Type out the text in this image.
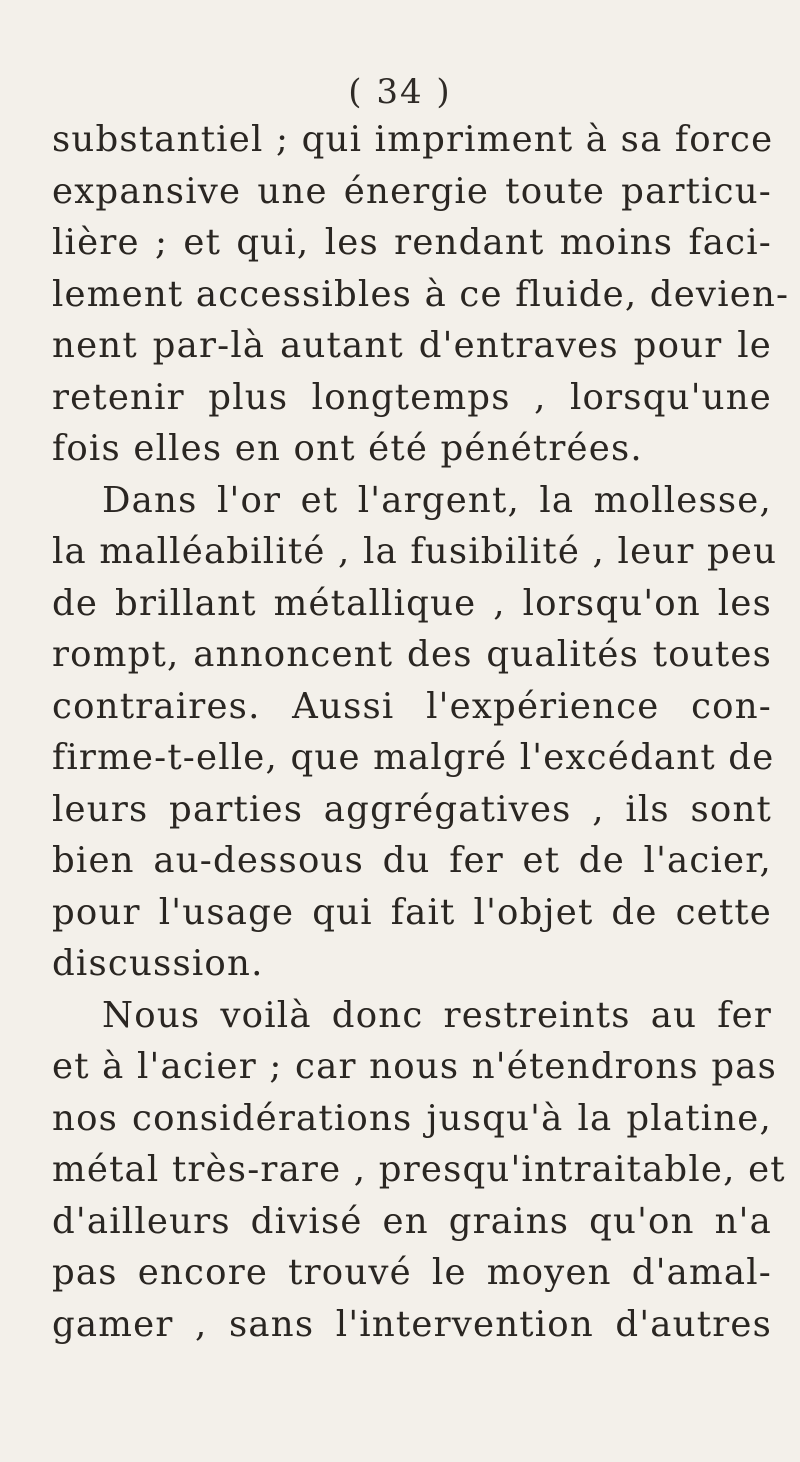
( 34 )
substantiel ; qui impriment à sa force
expansive une énergie toute particu-
lière ; et qui, les rendant moins faci-
lement accessibles à ce fluide, devien-
nent par-là autant d'entraves pour le
retenir plus longtemps , lorsqu'une
fois elles en ont été pénétrées.
Dans l'or et l'argent, la mollesse,
la malléabilité , la fusibilité , leur peu
de brillant métallique , lorsqu'on les
rompt, annoncent des qualités toutes
contraires. Aussi l'expérience con-
firme-t-elle, que malgré l'excédant de
leurs parties aggrégatives , ils sont
bien au-dessous du fer et de l'acier,
pour l'usage qui fait l'objet de cette
discussion.
Nous voilà donc restreints au fer
et à l'acier ; car nous n'étendrons pas
nos considérations jusqu'à la platine,
métal très-rare , presqu'intraitable, et
d'ailleurs divisé en grains qu'on n'a
pas encore trouvé le moyen d'amal-
gamer , sans l'intervention d'autres
